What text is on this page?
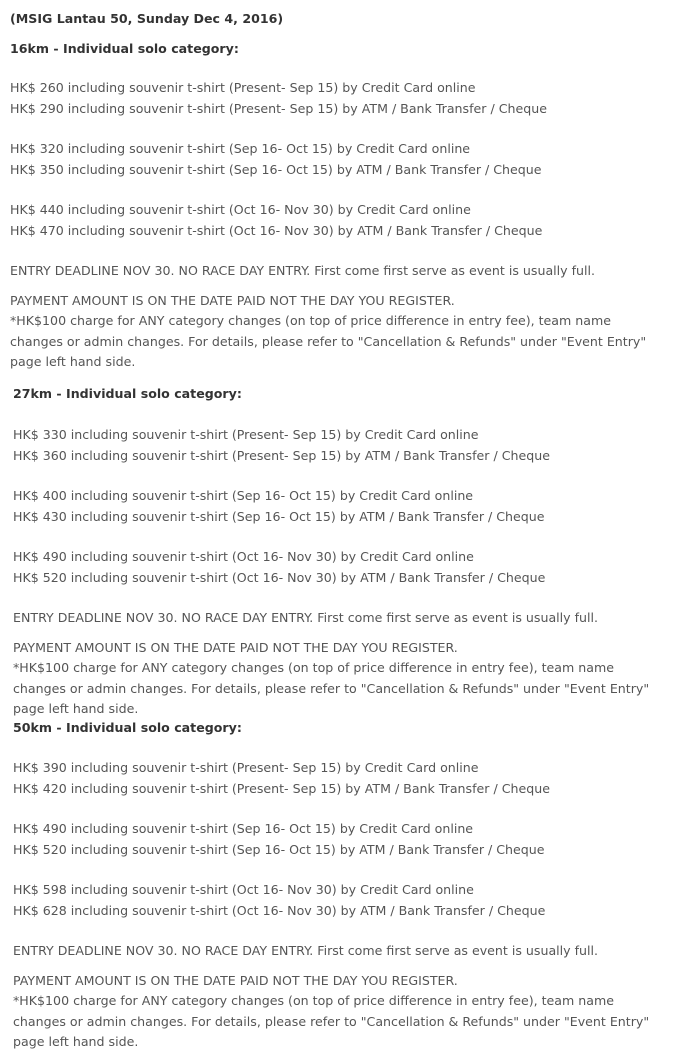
(MSIG Lantau 50, Sunday Dec 4, 2016)
16km - Individual solo category:
HK$ 260 including souvenir t-shirt (Present- Sep 15) by Credit Card online
HK$ 290 including souvenir t-shirt (Present- Sep 15) by ATM / Bank Transfer / Cheque
HK$ 320 including souvenir t-shirt (Sep 16- Oct 15) by Credit Card online
HK$ 350 including souvenir t-shirt (Sep 16- Oct 15) by ATM / Bank Transfer / Cheque
HK$ 440 including souvenir t-shirt (Oct 16- Nov 30) by Credit Card online
HK$ 470 including souvenir t-shirt (Oct 16- Nov 30) by ATM / Bank Transfer / Cheque
ENTRY DEADLINE NOV 30. NO RACE DAY ENTRY. First come first serve as event is usually full.
PAYMENT AMOUNT IS ON THE DATE PAID NOT THE DAY YOU REGISTER.
*HK$100 charge for ANY category changes (on top of price difference in entry fee), team name changes or admin changes. For details, please refer to "Cancellation & Refunds" under "Event Entry" page left hand side.
27km - Individual solo category:
HK$ 330 including souvenir t-shirt (Present- Sep 15) by Credit Card online
HK$ 360 including souvenir t-shirt (Present- Sep 15) by ATM / Bank Transfer / Cheque
HK$ 400 including souvenir t-shirt (Sep 16- Oct 15) by Credit Card online
HK$ 430 including souvenir t-shirt (Sep 16- Oct 15) by ATM / Bank Transfer / Cheque
HK$ 490 including souvenir t-shirt (Oct 16- Nov 30) by Credit Card online
HK$ 520 including souvenir t-shirt (Oct 16- Nov 30) by ATM / Bank Transfer / Cheque
ENTRY DEADLINE NOV 30. NO RACE DAY ENTRY. First come first serve as event is usually full.
PAYMENT AMOUNT IS ON THE DATE PAID NOT THE DAY YOU REGISTER.
*HK$100 charge for ANY category changes (on top of price difference in entry fee), team name changes or admin changes. For details, please refer to "Cancellation & Refunds" under "Event Entry" page left hand side.
50km - Individual solo category:
HK$ 390 including souvenir t-shirt (Present- Sep 15) by Credit Card online
HK$ 420 including souvenir t-shirt (Present- Sep 15) by ATM / Bank Transfer / Cheque
HK$ 490 including souvenir t-shirt (Sep 16- Oct 15) by Credit Card online
HK$ 520 including souvenir t-shirt (Sep 16- Oct 15) by ATM / Bank Transfer / Cheque
HK$ 598 including souvenir t-shirt (Oct 16- Nov 30) by Credit Card online
HK$ 628 including souvenir t-shirt (Oct 16- Nov 30) by ATM / Bank Transfer / Cheque
ENTRY DEADLINE NOV 30. NO RACE DAY ENTRY. First come first serve as event is usually full.
PAYMENT AMOUNT IS ON THE DATE PAID NOT THE DAY YOU REGISTER.
*HK$100 charge for ANY category changes (on top of price difference in entry fee), team name changes or admin changes. For details, please refer to "Cancellation & Refunds" under "Event Entry" page left hand side.
